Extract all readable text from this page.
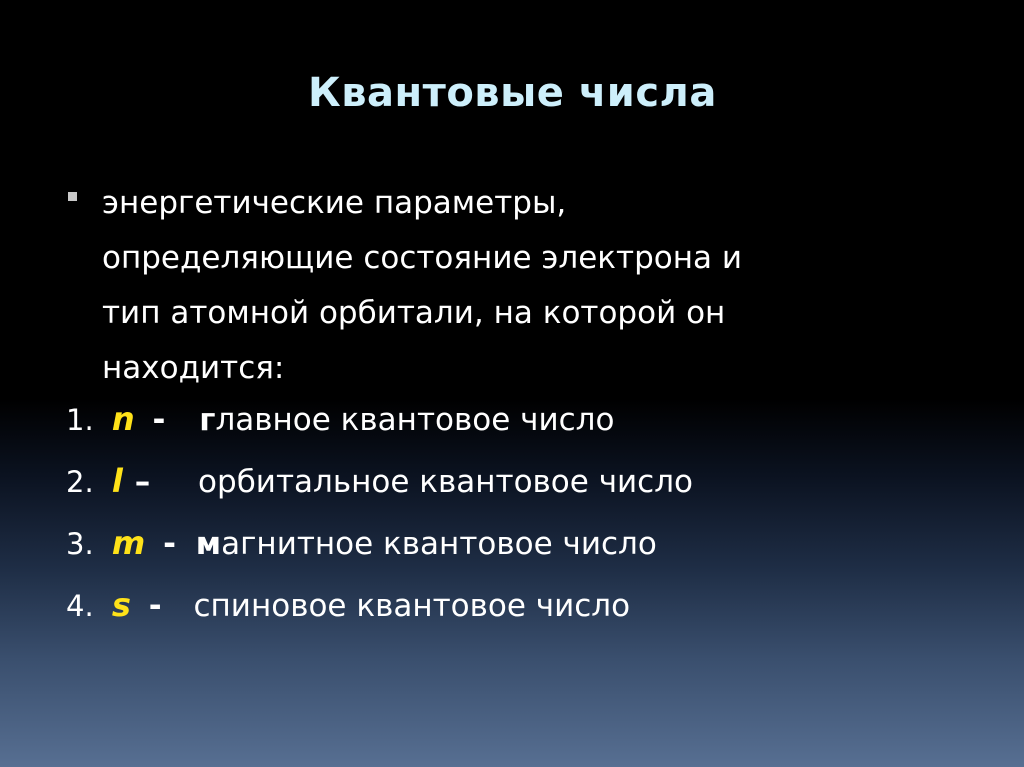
Квантовые числа
энергетические параметры,
определяющие состояние электрона и
тип атомной орбитали, на которой он
находится:
1. n - главное квантовое число
2. l – орбитальное квантовое число
3. m - магнитное квантовое число
4. s - спиновое квантовое число
